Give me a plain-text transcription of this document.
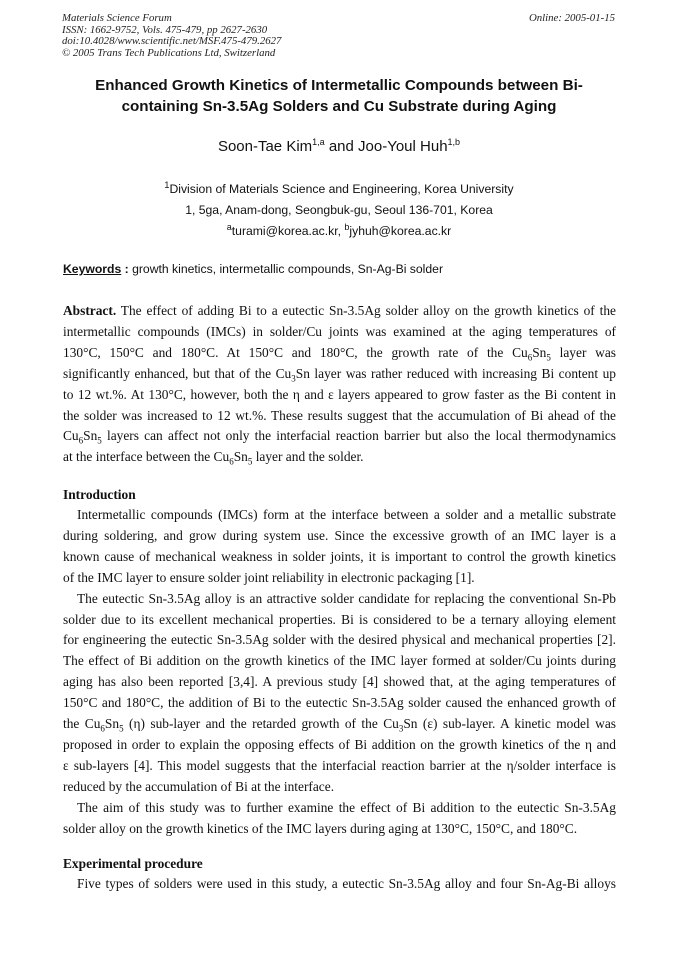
Materials Science Forum
ISSN: 1662-9752, Vols. 475-479, pp 2627-2630
doi:10.4028/www.scientific.net/MSF.475-479.2627
© 2005 Trans Tech Publications Ltd, Switzerland
Online: 2005-01-15
Enhanced Growth Kinetics of Intermetallic Compounds between Bi-
containing Sn-3.5Ag Solders and Cu Substrate during Aging
Soon-Tae Kim$^{1,a}$ and Joo-Youl Huh$^{1,b}$
$^1$Division of Materials Science and Engineering, Korea University
1, 5ga, Anam-dong, Seongbuk-gu, Seoul 136-701, Korea
$^a$turami@korea.ac.kr, $^b$jyhuh@korea.ac.kr
Keywords : growth kinetics, intermetallic compounds, Sn-Ag-Bi solder
Abstract. The effect of adding Bi to a eutectic Sn-3.5Ag solder alloy on the growth kinetics of the
intermetallic compounds (IMCs) in solder/Cu joints was examined at the aging temperatures of
130°C, 150°C and 180°C. At 150°C and 180°C, the growth rate of the $Cu_6Sn_5$ layer was
significantly enhanced, but that of the $Cu_3Sn$ layer was rather reduced with increasing Bi content up
to 12 wt.%. At 130°C, however, both the η and ε layers appeared to grow faster as the Bi content in
the solder was increased to 12 wt.%. These results suggest that the accumulation of Bi ahead of the
$Cu_6Sn_5$ layers can affect not only the interfacial reaction barrier but also the local thermodynamics
at the interface between the $Cu_6Sn_5$ layer and the solder.
Introduction
Intermetallic compounds (IMCs) form at the interface between a solder and a metallic substrate
during soldering, and grow during system use. Since the excessive growth of an IMC layer is a
known cause of mechanical weakness in solder joints, it is important to control the growth kinetics
of the IMC layer to ensure solder joint reliability in electronic packaging [1].
The eutectic Sn-3.5Ag alloy is an attractive solder candidate for replacing the conventional Sn-Pb
solder due to its excellent mechanical properties. Bi is considered to be a ternary alloying element
for engineering the eutectic Sn-3.5Ag solder with the desired physical and mechanical properties [2].
The effect of Bi addition on the growth kinetics of the IMC layer formed at solder/Cu joints during
aging has also been reported [3,4]. A previous study [4] showed that, at the aging temperatures of
150°C and 180°C, the addition of Bi to the eutectic Sn-3.5Ag solder caused the enhanced growth of
the $Cu_6Sn_5$ (η) sub-layer and the retarded growth of the $Cu_3Sn$ (ε) sub-layer. A kinetic model was
proposed in order to explain the opposing effects of Bi addition on the growth kinetics of the η and
ε sub-layers [4]. This model suggests that the interfacial reaction barrier at the η/solder interface is
reduced by the accumulation of Bi at the interface.
The aim of this study was to further examine the effect of Bi addition to the eutectic Sn-3.5Ag
solder alloy on the growth kinetics of the IMC layers during aging at 130°C, 150°C, and 180°C.
Experimental procedure
Five types of solders were used in this study, a eutectic Sn-3.5Ag alloy and four Sn-Ag-Bi alloys
